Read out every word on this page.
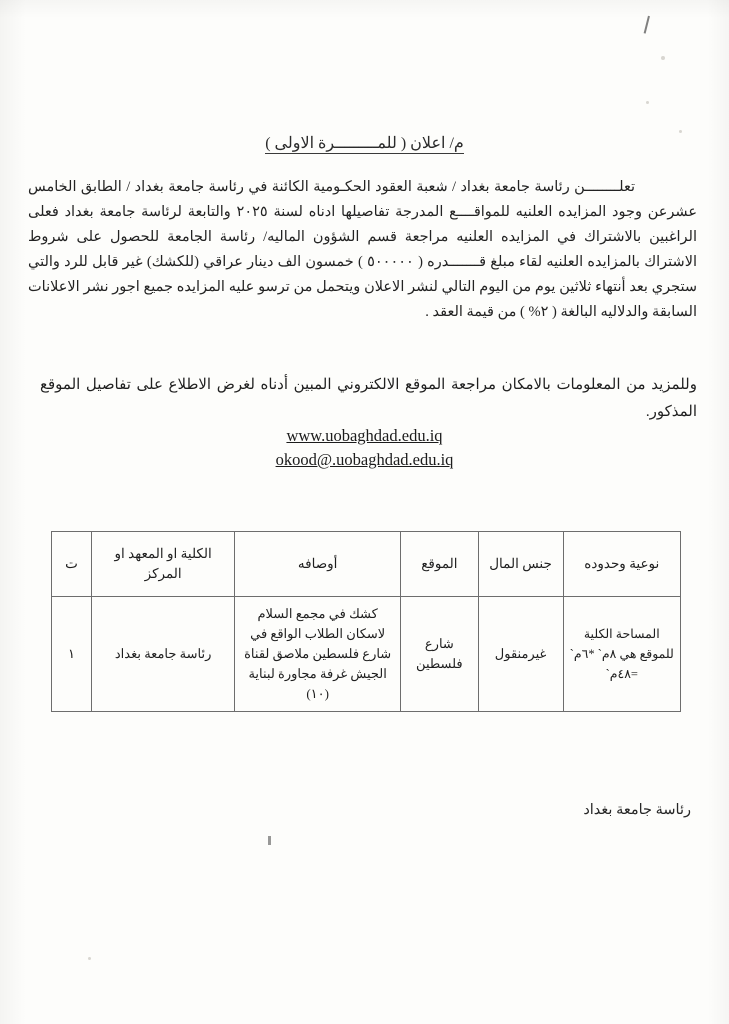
م/ اعلان ( للمـــــــــرة الاولى )

تعلــــــــن رئاسة جامعة بغداد / شعبة العقود الحكـومية الكائنة في رئاسة جامعة بغداد / الطابق الخامس عشرعن وجود المزايده العلنيه للمواقــــع المدرجة تفاصيلها ادناه لسنة ٢٠٢٥ والتابعة لرئاسة جامعة بغداد فعلى الراغبين بالاشتراك في المزايده العلنيه مراجعة قسم الشؤون الماليه/ رئاسة الجامعة للحصول على شروط الاشتراك بالمزايده العلنيه لقاء مبلغ قـــــــدره ( ٥٠٠٠٠٠ ) خمسون الف دينار عراقي (للكشك) غير قابل للرد والتي ستجري بعد أنتهاء ثلاثين يوم من اليوم التالي لنشر الاعلان ويتحمل من ترسو عليه المزايده جميع اجور نشر الاعلانات السابقة والدلاليه البالغة ( ٢% ) من قيمة العقد .

وللمزيد من المعلومات بالامكان مراجعة الموقع الالكتروني المبين أدناه لغرض الاطلاع على تفاصيل الموقع المذكور.
www.uobaghdad.edu.iq
okood@.uobaghdad.edu.iq
نوعية وحدوده	جنس المال	الموقع	أوصافه	الكلية او المعهد او المركز	ت
المساحة الكلية للموقع هي ٨م` *٦م` =٤٨م`	غيرمنقول	شارع فلسطين	كشك في مجمع السلام لاسكان الطلاب الواقع في شارع فلسطين ملاصق لقناة الجيش غرفة مجاورة لبناية (١٠)	رئاسة جامعة بغداد	١
رئاسة جامعة بغداد
